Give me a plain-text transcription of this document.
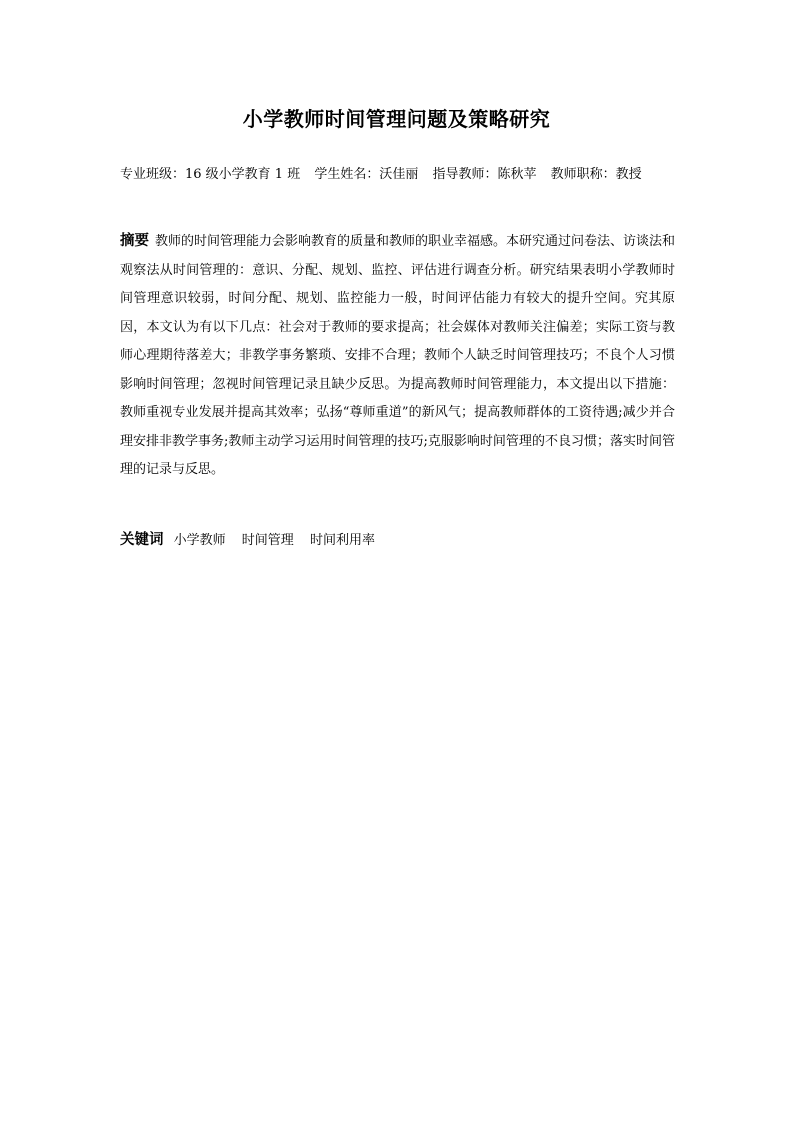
小学教师时间管理问题及策略研究
专业班级：16 级小学教育 1 班 学生姓名：沃佳丽 指导教师：陈秋苹 教师职称：教授
摘要 教师的时间管理能力会影响教育的质量和教师的职业幸福感。本研究通过问卷法、访谈法和观察法从时间管理的：意识、分配、规划、监控、评估进行调查分析。研究结果表明小学教师时间管理意识较弱，时间分配、规划、监控能力一般，时间评估能力有较大的提升空间。究其原因，本文认为有以下几点：社会对于教师的要求提高；社会媒体对教师关注偏差；实际工资与教师心理期待落差大；非教学事务繁琐、安排不合理；教师个人缺乏时间管理技巧；不良个人习惯影响时间管理；忽视时间管理记录且缺少反思。为提高教师时间管理能力，本文提出以下措施：教师重视专业发展并提高其效率；弘扬“尊师重道”的新风气；提高教师群体的工资待遇;减少并合理安排非教学事务;教师主动学习运用时间管理的技巧;克服影响时间管理的不良习惯；落实时间管理的记录与反思。
关键词 小学教师 时间管理 时间利用率
